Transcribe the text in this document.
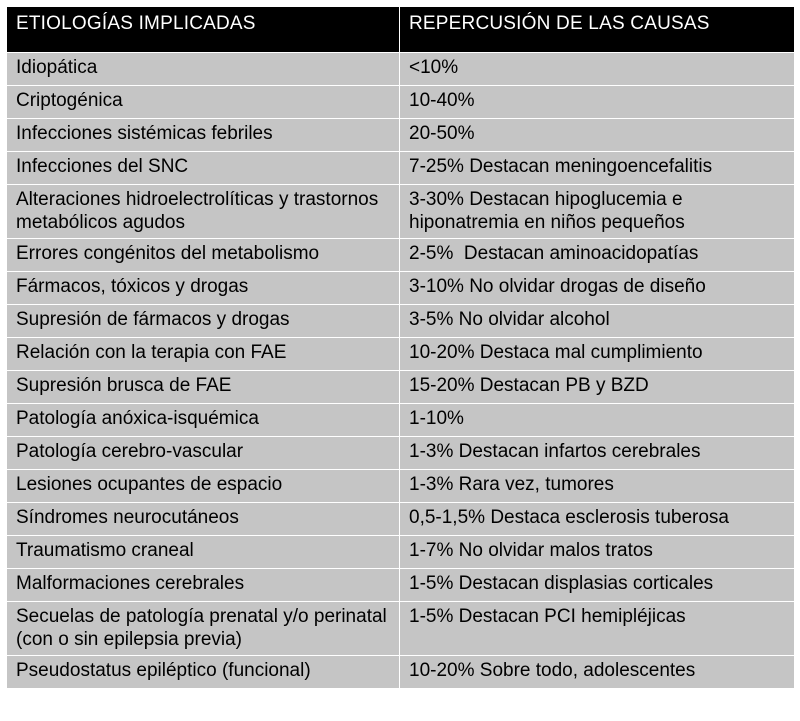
ETIOLOGÍAS IMPLICADAS	REPERCUSIÓN DE LAS CAUSAS
Idiopática	<10%
Criptogénica	10-40%
Infecciones sistémicas febriles	20-50%
Infecciones del SNC	7-25% Destacan meningoencefalitis
Alteraciones hidroelectrolíticas y trastornos metabólicos agudos	3-30% Destacan hipoglucemia e hiponatremia en niños pequeños
Errores congénitos del metabolismo	2-5%  Destacan aminoacidopatías
Fármacos, tóxicos y drogas	3-10% No olvidar drogas de diseño
Supresión de fármacos y drogas	3-5% No olvidar alcohol
Relación con la terapia con FAE	10-20% Destaca mal cumplimiento
Supresión brusca de FAE	15-20% Destacan PB y BZD
Patología anóxica-isquémica	1-10%
Patología cerebro-vascular	1-3% Destacan infartos cerebrales
Lesiones ocupantes de espacio	1-3% Rara vez, tumores
Síndromes neurocutáneos	0,5-1,5% Destaca esclerosis tuberosa
Traumatismo craneal	1-7% No olvidar malos tratos
Malformaciones cerebrales	1-5% Destacan displasias corticales
Secuelas de patología prenatal y/o perinatal (con o sin epilepsia previa)	1-5% Destacan PCI hemipléjicas
Pseudostatus epiléptico (funcional)	10-20% Sobre todo, adolescentes
